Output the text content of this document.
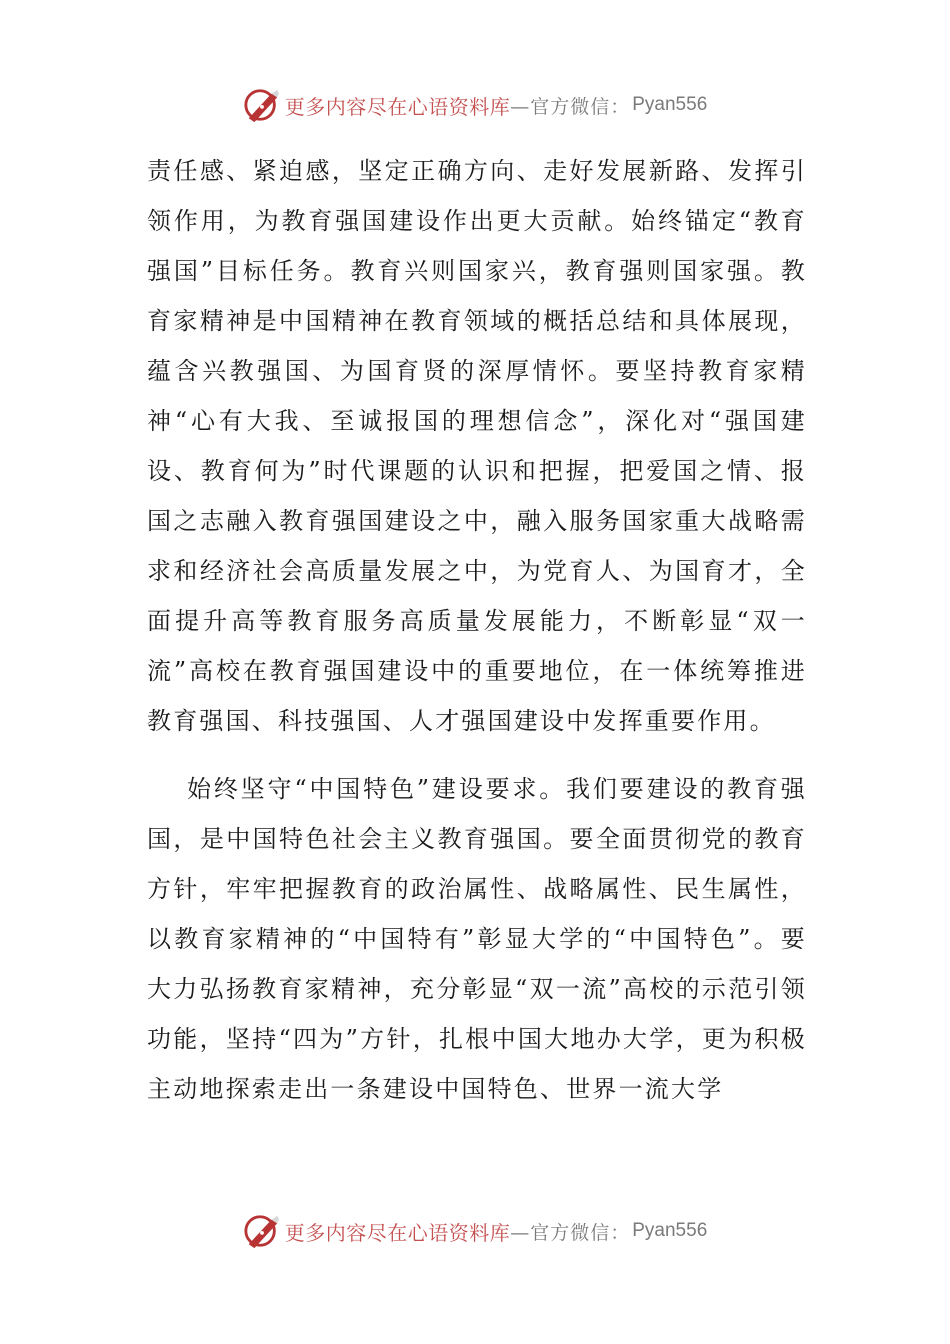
更多内容尽在心语资料库 —官方微信： Pyan556

责任感、紧迫感，坚定正确方向、走好发展新路、发挥引领作用，为教育强国建设作出更大贡献。始终锚定“教育强国”目标任务。教育兴则国家兴，教育强则国家强。教育家精神是中国精神在教育领域的概括总结和具体展现，蕴含兴教强国、为国育贤的深厚情怀。要坚持教育家精神“心有大我、至诚报国的理想信念”，深化对“强国建设、教育何为”时代课题的认识和把握，把爱国之情、报国之志融入教育强国建设之中，融入服务国家重大战略需求和经济社会高质量发展之中，为党育人、为国育才，全面提升高等教育服务高质量发展能力，不断彰显“双一流”高校在教育强国建设中的重要地位，在一体统筹推进教育强国、科技强国、人才强国建设中发挥重要作用。

始终坚守“中国特色”建设要求。我们要建设的教育强国，是中国特色社会主义教育强国。要全面贯彻党的教育方针，牢牢把握教育的政治属性、战略属性、民生属性，以教育家精神的“中国特有”彰显大学的“中国特色”。要大力弘扬教育家精神，充分彰显“双一流”高校的示范引领功能，坚持“四为”方针，扎根中国大地办大学，更为积极主动地探索走出一条建设中国特色、世界一流大学

更多内容尽在心语资料库 —官方微信： Pyan556
